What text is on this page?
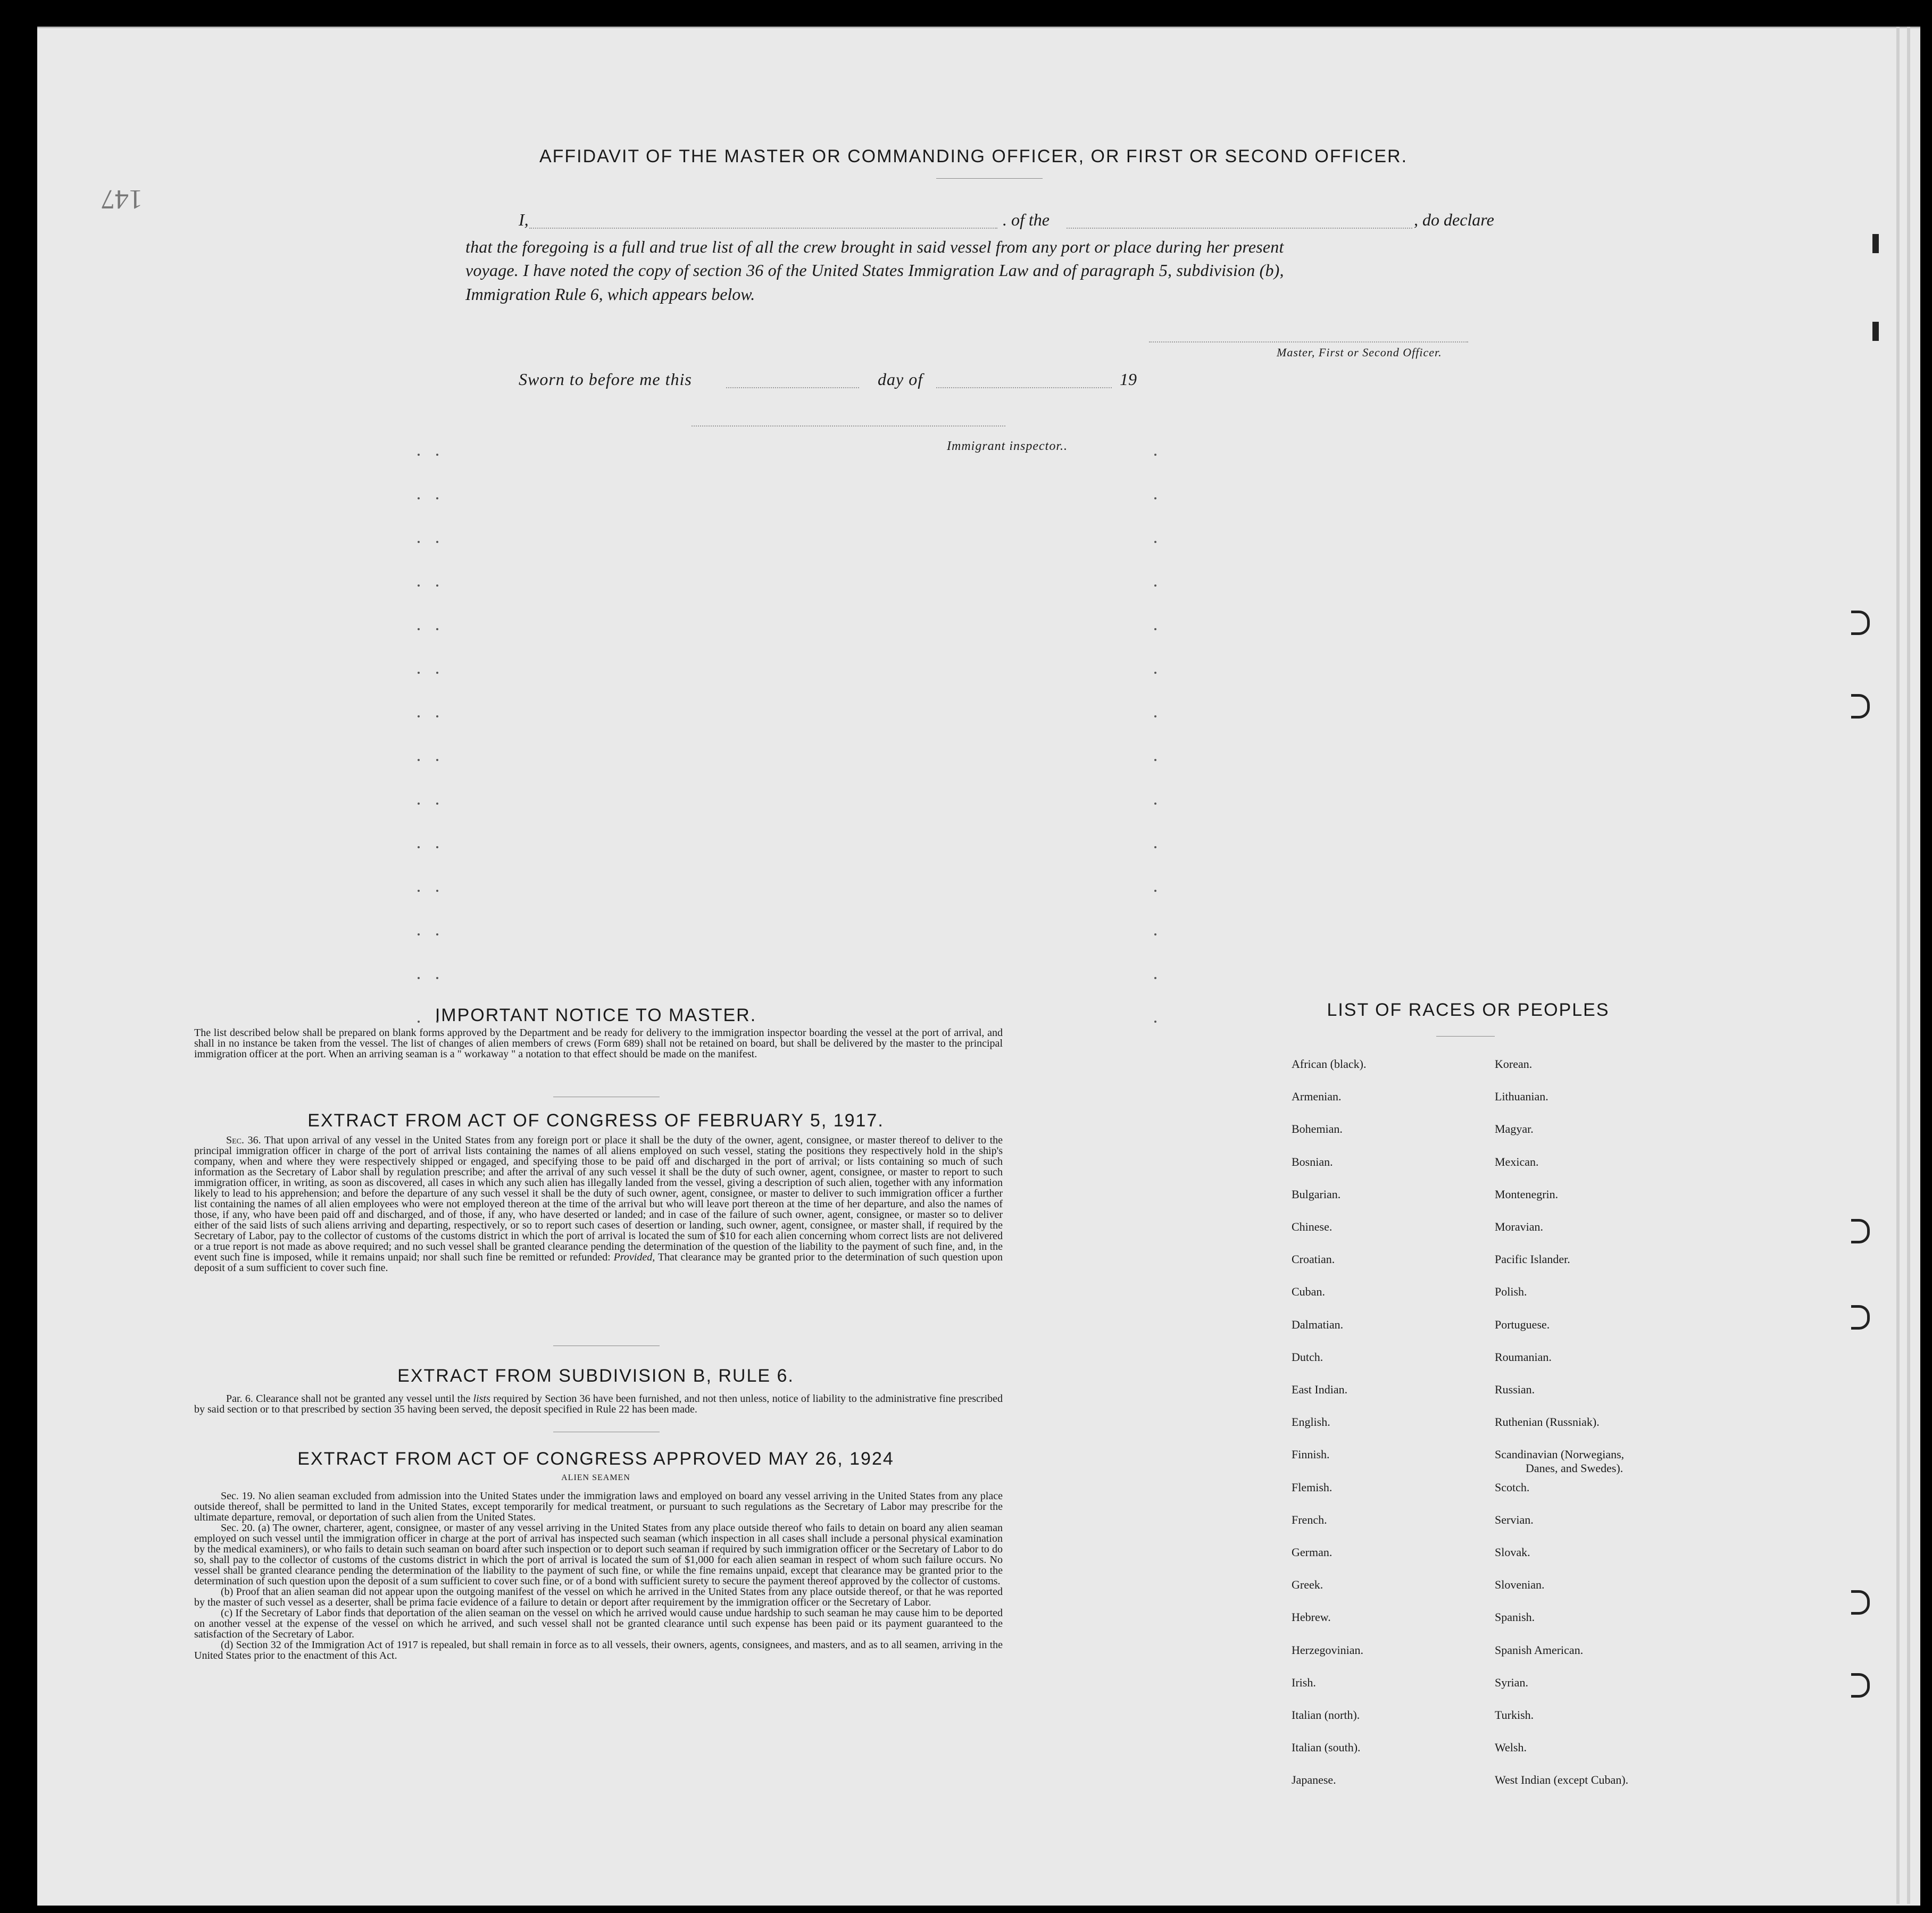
147
AFFIDAVIT OF THE MASTER OR COMMANDING OFFICER, OR FIRST OR SECOND OFFICER.
I,	. of the	, do declare
that the foregoing is a full and true list of all the crew brought in said vessel from any port or place during her present
voyage. I have noted the copy of section 36 of the United States Immigration Law and of paragraph 5, subdivision (b),
Immigration Rule 6, which appears below.
Master, First or Second Officer.
Sworn to before me this	day of	19
Immigrant inspector..
IMPORTANT NOTICE TO MASTER.
The list described below shall be prepared on blank forms approved by the Department and be ready for delivery to the immigration inspector boarding the vessel at the port of arrival, and shall in no instance be taken from the vessel. The list of changes of alien members of crews (Form 689) shall not be retained on board, but shall be delivered by the master to the principal immigration officer at the port. When an arriving seaman is a " workaway " a notation to that effect should be made on the manifest.
EXTRACT FROM ACT OF CONGRESS OF FEBRUARY 5, 1917.
Sec. 36. That upon arrival of any vessel in the United States from any foreign port or place it shall be the duty of the owner, agent, consignee, or master thereof to deliver to the principal immigration officer in charge of the port of arrival lists containing the names of all aliens employed on such vessel, stating the positions they respectively hold in the ship's company, when and where they were respectively shipped or engaged, and specifying those to be paid off and discharged in the port of arrival; or lists containing so much of such information as the Secretary of Labor shall by regulation prescribe; and after the arrival of any such vessel it shall be the duty of such owner, agent, consignee, or master to report to such immigration officer, in writing, as soon as discovered, all cases in which any such alien has illegally landed from the vessel, giving a description of such alien, together with any information likely to lead to his apprehension; and before the departure of any such vessel it shall be the duty of such owner, agent, consignee, or master to deliver to such immigration officer a further list containing the names of all alien employees who were not employed thereon at the time of the arrival but who will leave port thereon at the time of her departure, and also the names of those, if any, who have been paid off and discharged, and of those, if any, who have deserted or landed; and in case of the failure of such owner, agent, consignee, or master so to deliver either of the said lists of such aliens arriving and departing, respectively, or so to report such cases of desertion or landing, such owner, agent, consignee, or master shall, if required by the Secretary of Labor, pay to the collector of customs of the customs district in which the port of arrival is located the sum of $10 for each alien concerning whom correct lists are not delivered or a true report is not made as above required; and no such vessel shall be granted clearance pending the determination of the question of the liability to the payment of such fine, and, in the event such fine is imposed, while it remains unpaid; nor shall such fine be remitted or refunded: Provided, That clearance may be granted prior to the determination of such question upon deposit of a sum sufficient to cover such fine.
EXTRACT FROM SUBDIVISION B, RULE 6.
Par. 6. Clearance shall not be granted any vessel until the lists required by Section 36 have been furnished, and not then unless, notice of liability to the administrative fine prescribed by said section or to that prescribed by section 35 having been served, the deposit specified in Rule 22 has been made.
EXTRACT FROM ACT OF CONGRESS APPROVED MAY 26, 1924
ALIEN SEAMEN

Sec. 19. No alien seaman excluded from admission into the United States under the immigration laws and employed on board any vessel arriving in the United States from any place outside thereof, shall be permitted to land in the United States, except temporarily for medical treatment, or pursuant to such regulations as the Secretary of Labor may prescribe for the ultimate departure, removal, or deportation of such alien from the United States.

Sec. 20. (a) The owner, charterer, agent, consignee, or master of any vessel arriving in the United States from any place outside thereof who fails to detain on board any alien seaman employed on such vessel until the immigration officer in charge at the port of arrival has inspected such seaman (which inspection in all cases shall include a personal physical examination by the medical examiners), or who fails to detain such seaman on board after such inspection or to deport such seaman if required by such immigration officer or the Secretary of Labor to do so, shall pay to the collector of customs of the customs district in which the port of arrival is located the sum of $1,000 for each alien seaman in respect of whom such failure occurs. No vessel shall be granted clearance pending the determination of the liability to the payment of such fine, or while the fine remains unpaid, except that clearance may be granted prior to the determination of such question upon the deposit of a sum sufficient to cover such fine, or of a bond with sufficient surety to secure the payment thereof approved by the collector of customs.

(b) Proof that an alien seaman did not appear upon the outgoing manifest of the vessel on which he arrived in the United States from any place outside thereof, or that he was reported by the master of such vessel as a deserter, shall be prima facie evidence of a failure to detain or deport after requirement by the immigration officer or the Secretary of Labor.

(c) If the Secretary of Labor finds that deportation of the alien seaman on the vessel on which he arrived would cause undue hardship to such seaman he may cause him to be deported on another vessel at the expense of the vessel on which he arrived, and such vessel shall not be granted clearance until such expense has been paid or its payment guaranteed to the satisfaction of the Secretary of Labor.

(d) Section 32 of the Immigration Act of 1917 is repealed, but shall remain in force as to all vessels, their owners, agents, consignees, and masters, and as to all seamen, arriving in the United States prior to the enactment of this Act.

LIST OF RACES OR PEOPLES
African (black).
Armenian.
Bohemian.
Bosnian.
Bulgarian.
Chinese.
Croatian.
Cuban.
Dalmatian.
Dutch.
East Indian.
English.
Finnish.
Flemish.
French.
German.
Greek.
Hebrew.
Herzegovinian.
Irish.
Italian (north).
Italian (south).
Japanese.
Korean.
Lithuanian.
Magyar.
Mexican.
Montenegrin.
Moravian.
Pacific Islander.
Polish.
Portuguese.
Roumanian.
Russian.
Ruthenian (Russniak).
Scandinavian (Norwegians,
Scotch.
Servian.
Slovak.
Slovenian.
Spanish.
Spanish American.
Syrian.
Turkish.
Welsh.
West Indian (except Cuban).
Danes, and Swedes).
